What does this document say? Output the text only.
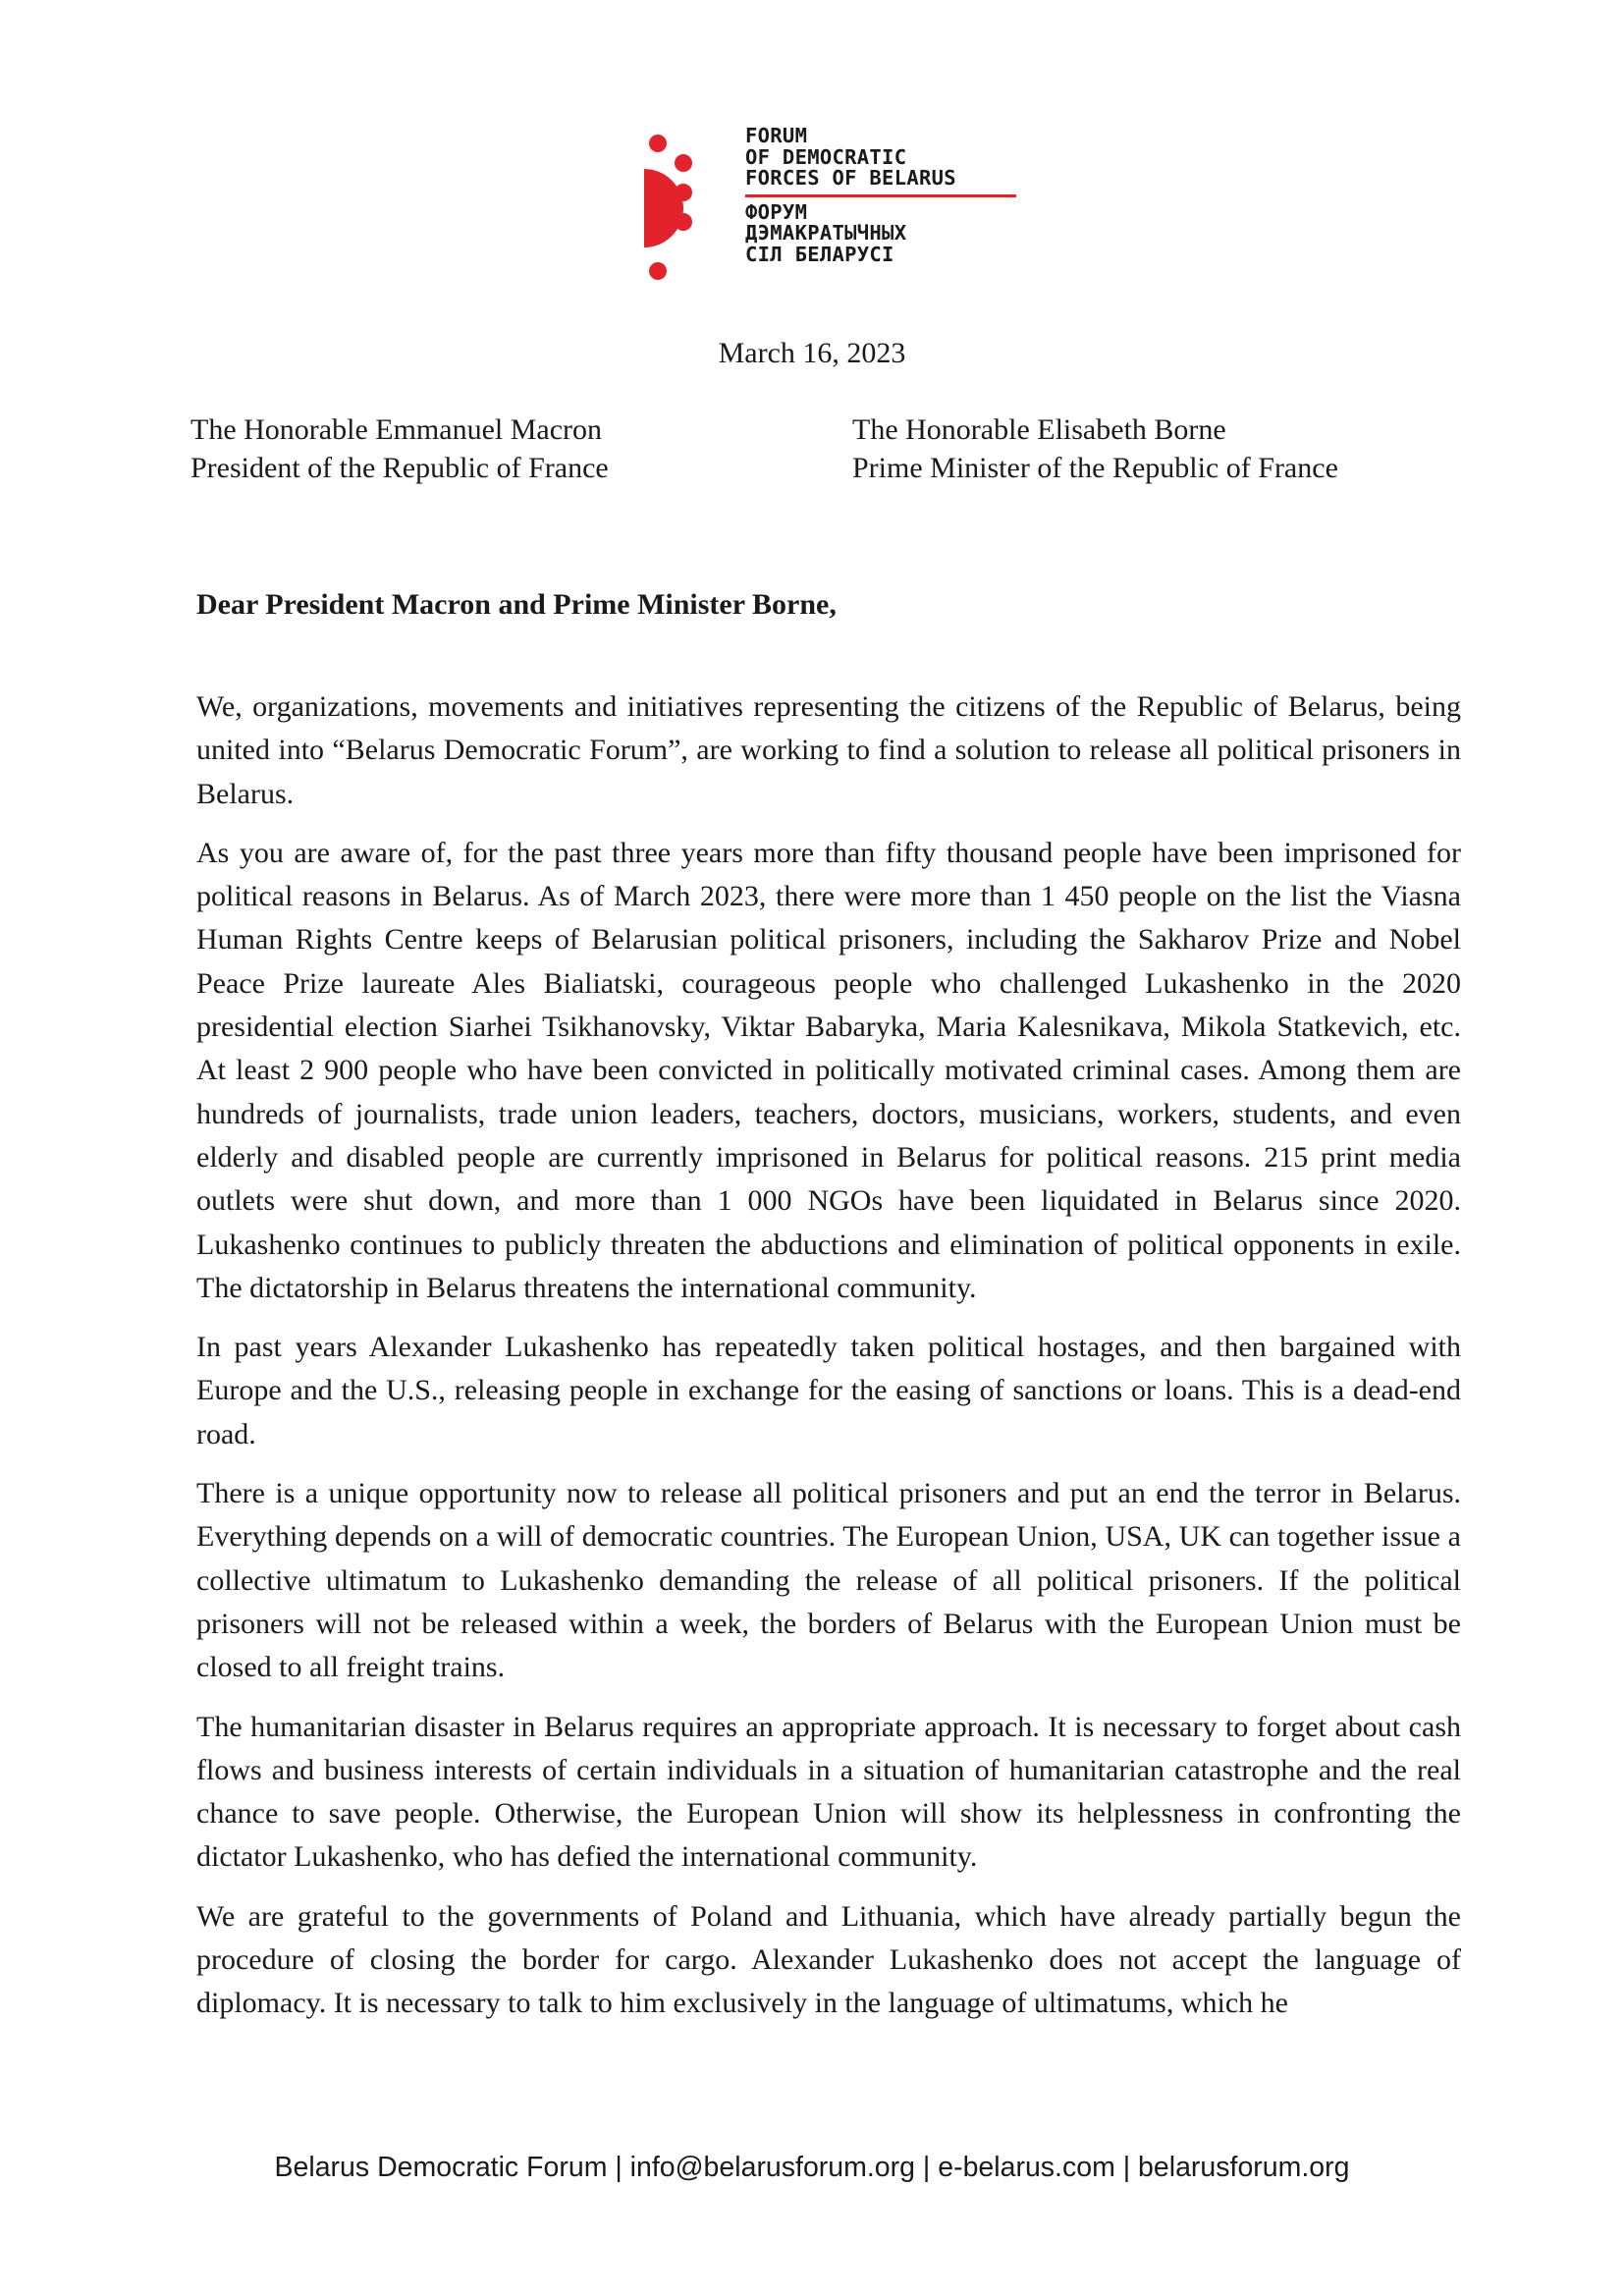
FORUM
OF DEMOCRATIC
FORCES OF BELARUS
ФОРУМ
ДЭМАКРАТЫЧНЫХ
СІЛ БЕЛАРУСІ
March 16, 2023
The Honorable Emmanuel Macron
President of the Republic of France
The Honorable Elisabeth Borne
Prime Minister of the Republic of France
Dear President Macron and Prime Minister Borne,

We, organizations, movements and initiatives representing the citizens of the Republic of Belarus, being united into “Belarus Democratic Forum”, are working to find a solution to release all political prisoners in Belarus.

As you are aware of, for the past three years more than fifty thousand people have been imprisoned for political reasons in Belarus. As of March 2023, there were more than 1 450 people on the list the Viasna Human Rights Centre keeps of Belarusian political prisoners, including the Sakharov Prize and Nobel Peace Prize laureate Ales Bialiatski, courageous people who challenged Lukashenko in the 2020 presidential election Siarhei Tsikhanovsky, Viktar Babaryka, Maria Kalesnikava, Mikola Statkevich, etc. At least 2 900 people who have been convicted in politically motivated criminal cases. Among them are hundreds of journalists, trade union leaders, teachers, doctors, musicians, workers, students, and even elderly and disabled people are currently imprisoned in Belarus for political reasons. 215 print media outlets were shut down, and more than 1 000 NGOs have been liquidated in Belarus since 2020. Lukashenko continues to publicly threaten the abductions and elimination of political opponents in exile. The dictatorship in Belarus threatens the international community.

In past years Alexander Lukashenko has repeatedly taken political hostages, and then bargained with Europe and the U.S., releasing people in exchange for the easing of sanctions or loans. This is a dead-end road.

There is a unique opportunity now to release all political prisoners and put an end the terror in Belarus. Everything depends on a will of democratic countries. The European Union, USA, UK can together issue a collective ultimatum to Lukashenko demanding the release of all political prisoners. If the political prisoners will not be released within a week, the borders of Belarus with the European Union must be closed to all freight trains.

The humanitarian disaster in Belarus requires an appropriate approach. It is necessary to forget about cash flows and business interests of certain individuals in a situation of humanitarian catastrophe and the real chance to save people. Otherwise, the European Union will show its helplessness in confronting the dictator Lukashenko, who has defied the international community.

We are grateful to the governments of Poland and Lithuania, which have already partially begun the procedure of closing the border for cargo. Alexander Lukashenko does not accept the language of diplomacy. It is necessary to talk to him exclusively in the language of ultimatums, which he

Belarus Democratic Forum | info@belarusforum.org | e-belarus.com | belarusforum.org
